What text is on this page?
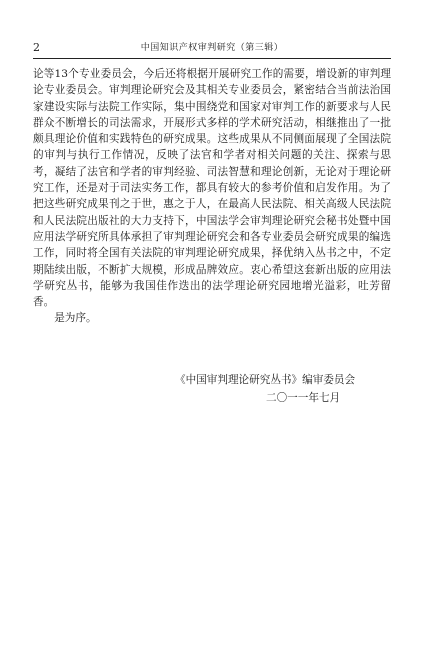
2	中国知识产权审判研究（第三辑）

论等13个专业委员会，今后还将根据开展研究工作的需要，增设新的审判理论专业委员会。审判理论研究会及其相关专业委员会，紧密结合当前法治国家建设实际与法院工作实际，集中围绕党和国家对审判工作的新要求与人民群众不断增长的司法需求，开展形式多样的学术研究活动，相继推出了一批颇具理论价值和实践特色的研究成果。这些成果从不同侧面展现了全国法院的审判与执行工作情况，反映了法官和学者对相关问题的关注、探索与思考，凝结了法官和学者的审判经验、司法智慧和理论创新，无论对于理论研究工作，还是对于司法实务工作，都具有较大的参考价值和启发作用。为了把这些研究成果刊之于世，惠之于人，在最高人民法院、相关高级人民法院和人民法院出版社的大力支持下，中国法学会审判理论研究会秘书处暨中国应用法学研究所具体承担了审判理论研究会和各专业委员会研究成果的编选工作，同时将全国有关法院的审判理论研究成果，择优纳入丛书之中，不定期陆续出版，不断扩大规模，形成品牌效应。衷心希望这套新出版的应用法学研究丛书，能够为我国佳作迭出的法学理论研究园地增光溢彩，吐芳留香。

是为序。

《中国审判理论研究丛书》编审委员会
二〇一一年七月
